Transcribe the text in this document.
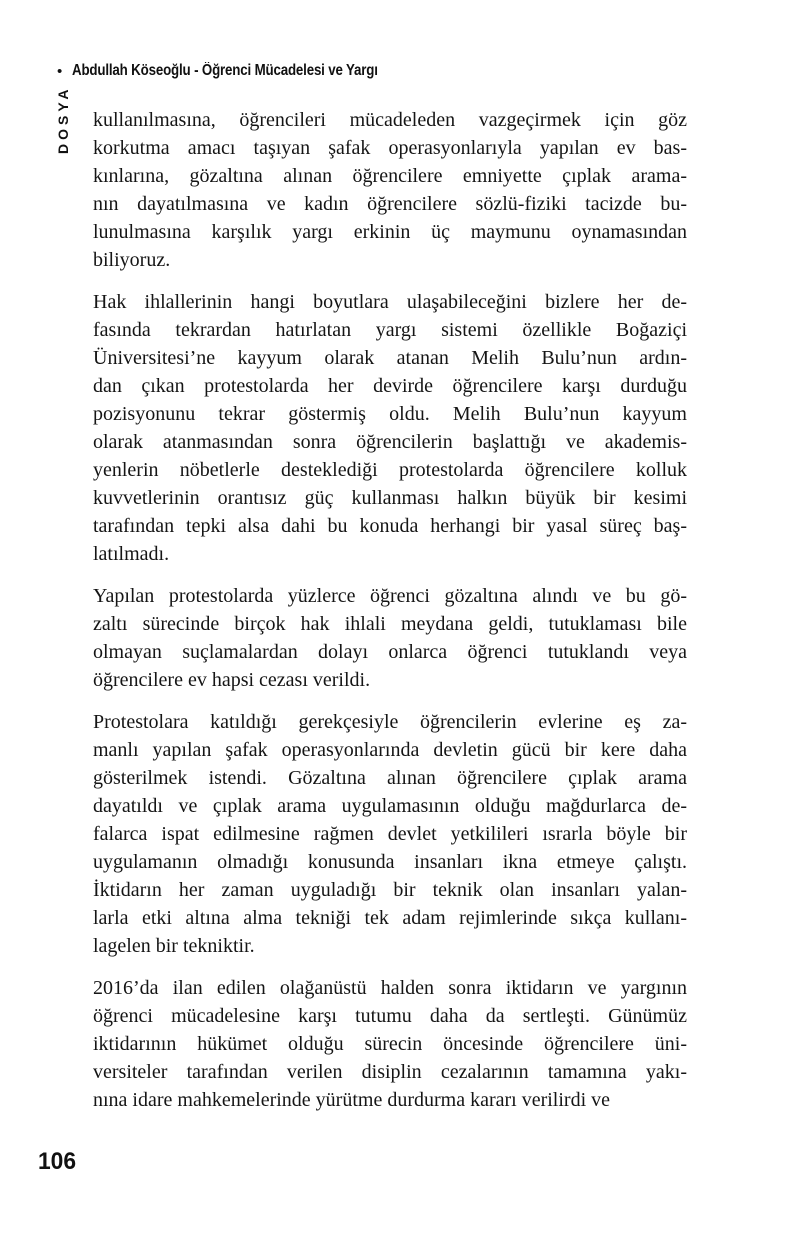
• Abdullah Köseoğlu - Öğrenci Mücadelesi ve Yargı
DOSYA kullanılmasına, öğrencileri mücadeleden vazgeçirmek için göz
korkutma amacı taşıyan şafak operasyonlarıyla yapılan ev bas-
kınlarına, gözaltına alınan öğrencilere emniyette çıplak arama-
nın dayatılmasına ve kadın öğrencilere sözlü-fiziki tacizde bu-
lunulmasına karşılık yargı erkinin üç maymunu oynamasından
biliyoruz.
Hak ihlallerinin hangi boyutlara ulaşabileceğini bizlere her de-
fasında tekrardan hatırlatan yargı sistemi özellikle Boğaziçi
Üniversitesi’ne kayyum olarak atanan Melih Bulu’nun ardın-
dan çıkan protestolarda her devirde öğrencilere karşı durduğu
pozisyonunu tekrar göstermiş oldu. Melih Bulu’nun kayyum
olarak atanmasından sonra öğrencilerin başlattığı ve akademis-
yenlerin nöbetlerle desteklediği protestolarda öğrencilere kolluk
kuvvetlerinin orantısız güç kullanması halkın büyük bir kesimi
tarafından tepki alsa dahi bu konuda herhangi bir yasal süreç baş-
latılmadı.
Yapılan protestolarda yüzlerce öğrenci gözaltına alındı ve bu gö-
zaltı sürecinde birçok hak ihlali meydana geldi, tutuklaması bile
olmayan suçlamalardan dolayı onlarca öğrenci tutuklandı veya
öğrencilere ev hapsi cezası verildi.
Protestolara katıldığı gerekçesiyle öğrencilerin evlerine eş za-
manlı yapılan şafak operasyonlarında devletin gücü bir kere daha
gösterilmek istendi. Gözaltına alınan öğrencilere çıplak arama
dayatıldı ve çıplak arama uygulamasının olduğu mağdurlarca de-
falarca ispat edilmesine rağmen devlet yetkilileri ısrarla böyle bir
uygulamanın olmadığı konusunda insanları ikna etmeye çalıştı.
İktidarın her zaman uyguladığı bir teknik olan insanları yalan-
larla etki altına alma tekniği tek adam rejimlerinde sıkça kullanı-
lagelen bir tekniktir.
2016’da ilan edilen olağanüstü halden sonra iktidarın ve yargının
öğrenci mücadelesine karşı tutumu daha da sertleşti. Günümüz
iktidarının hükümet olduğu sürecin öncesinde öğrencilere üni-
versiteler tarafından verilen disiplin cezalarının tamamına yakı-
nına idare mahkemelerinde yürütme durdurma kararı verilirdi ve
106
